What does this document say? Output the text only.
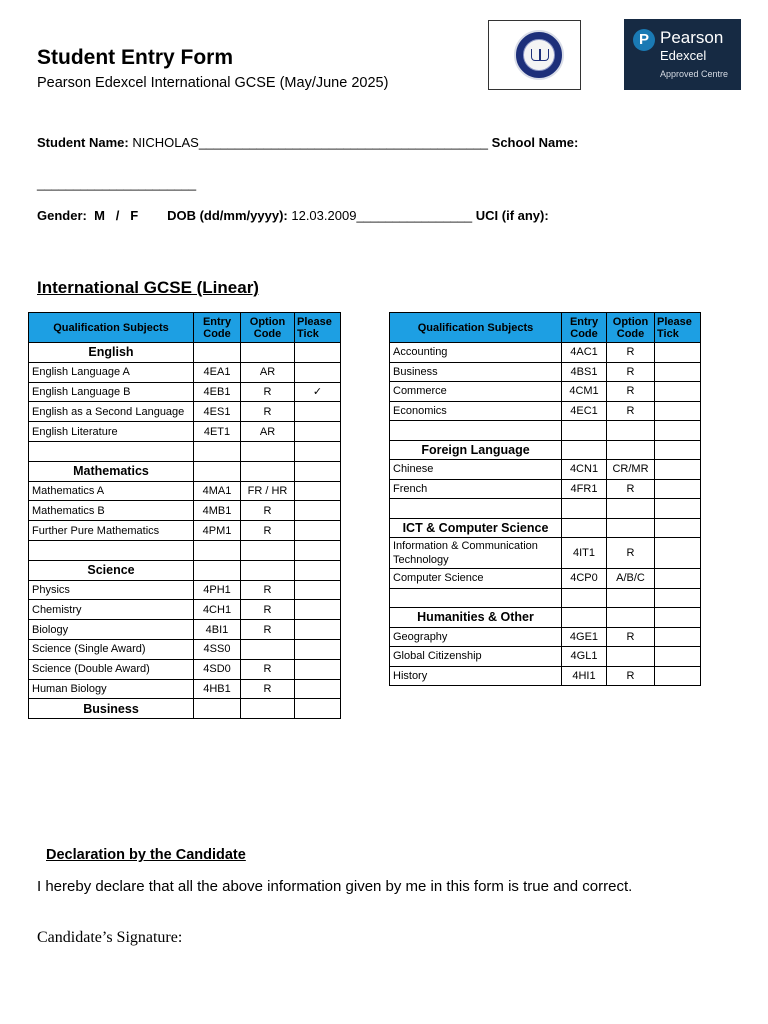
Student Entry Form
Pearson Edexcel International GCSE (May/June 2025)
P Pearson
Edexcel
Approved Centre
Student Name: NICHOLAS________________________________________ School Name:
______________________
Gender: M / F DOB (dd/mm/yyyy): 12.03.2009________________ UCI (if any):
International GCSE (Linear)
Qualification Subjects	Entry Code	Option Code	Please Tick
English			
English Language A	4EA1	AR	
English Language B	4EB1	R	✓
English as a Second Language	4ES1	R	
English Literature	4ET1	AR	

Mathematics			
Mathematics A	4MA1	FR / HR	
Mathematics B	4MB1	R	
Further Pure Mathematics	4PM1	R	

Science			
Physics	4PH1	R	
Chemistry	4CH1	R	
Biology	4BI1	R	
Science (Single Award)	4SS0		
Science (Double Award)	4SD0	R	
Human Biology	4HB1	R	
Business			
Qualification Subjects	Entry Code	Option Code	Please Tick
Accounting	4AC1	R	
Business	4BS1	R	
Commerce	4CM1	R	
Economics	4EC1	R	

Foreign Language			
Chinese	4CN1	CR/MR	
French	4FR1	R	

ICT & Computer Science			
Information & Communication Technology	4IT1	R	
Computer Science	4CP0	A/B/C	

Humanities & Other			
Geography	4GE1	R	
Global Citizenship	4GL1		
History	4HI1	R	
Declaration by the Candidate
I hereby declare that all the above information given by me in this form is true and correct.
Candidate’s Signature:
